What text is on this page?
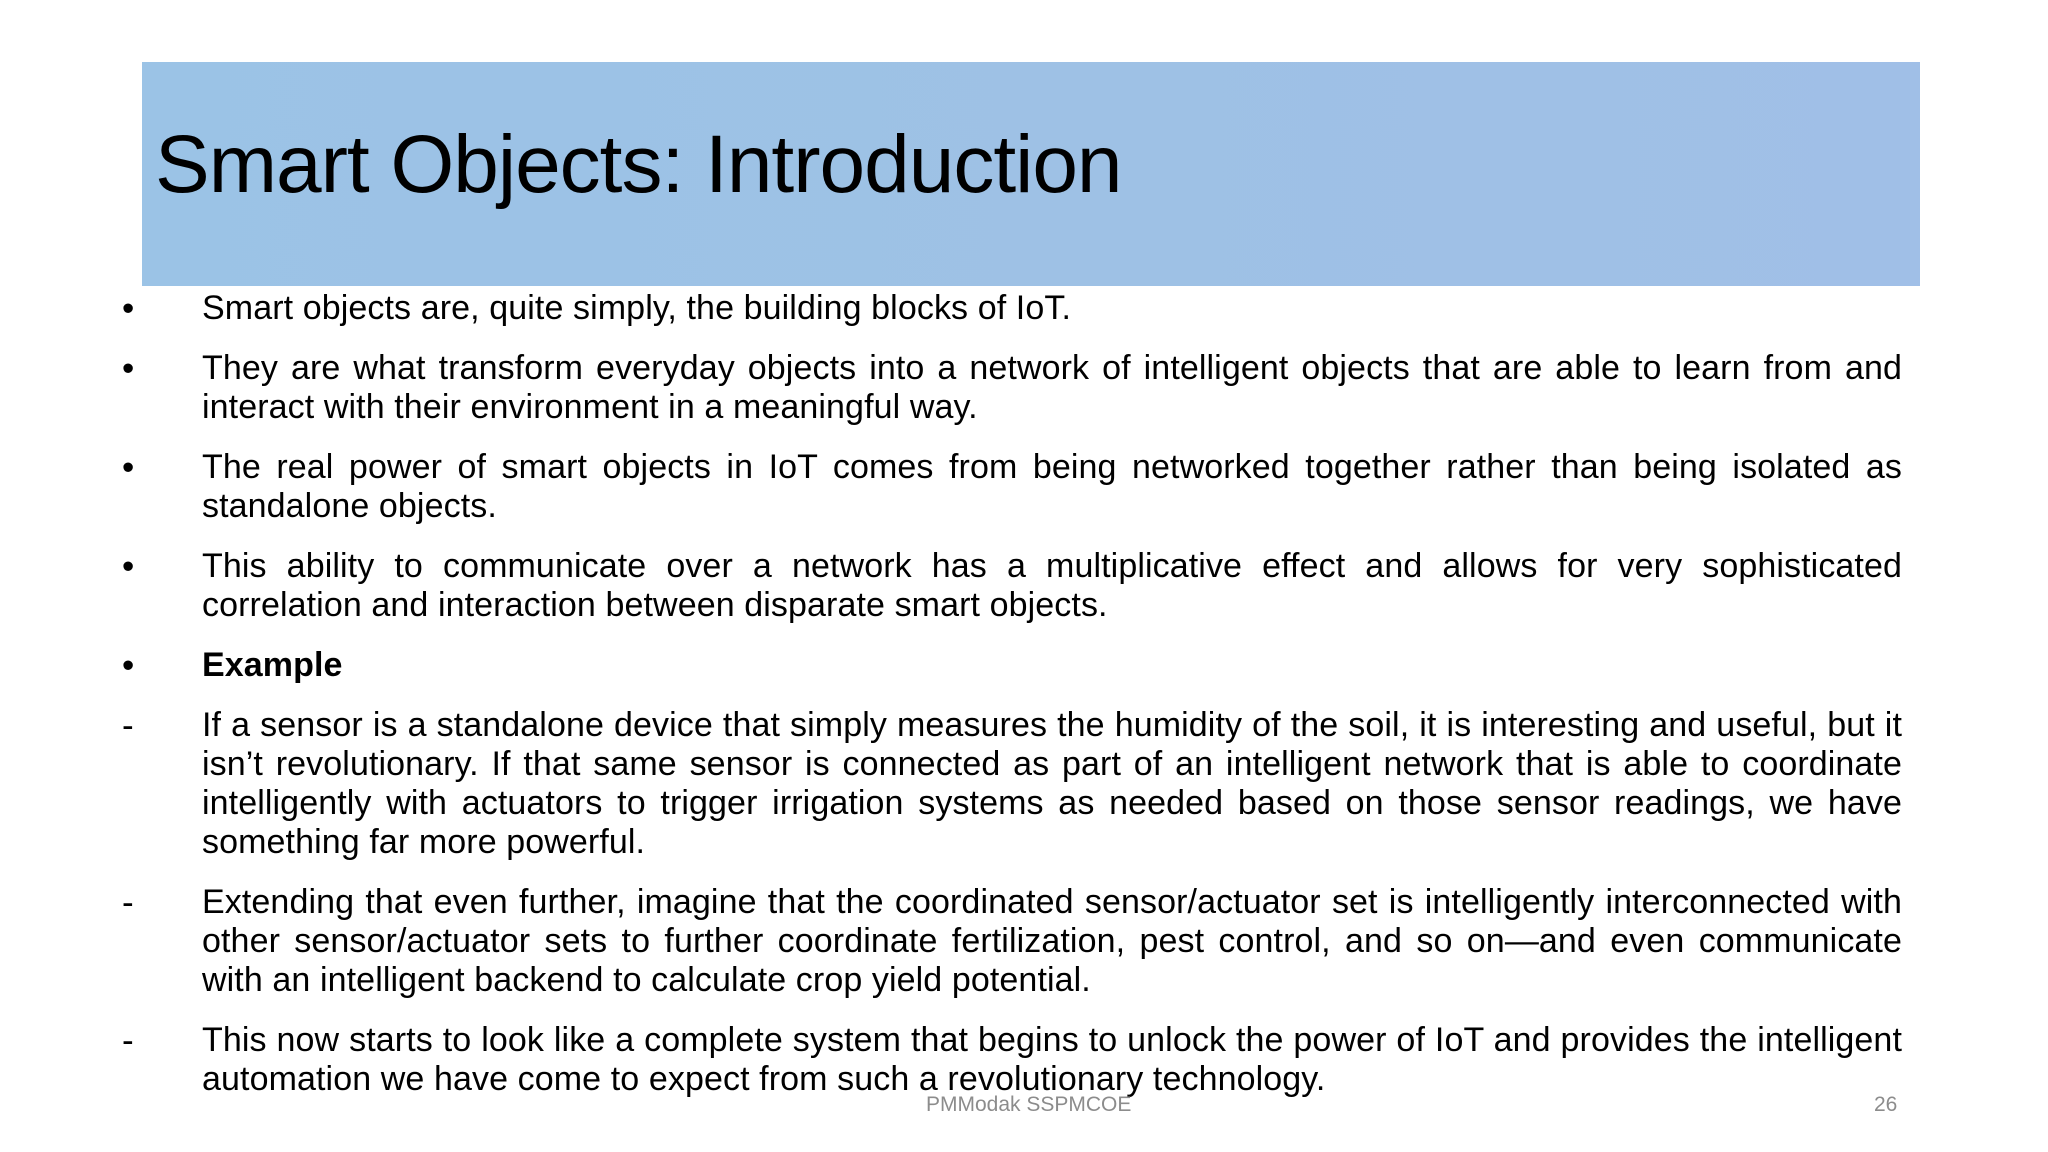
Smart Objects: Introduction
•	Smart objects are, quite simply, the building blocks of IoT.
•	They are what transform everyday objects into a network of intelligent objects that are able to learn from and interact with their environment in a meaningful way.
•	The real power of smart objects in IoT comes from being networked together rather than being isolated as standalone objects.
•	This ability to communicate over a network has a multiplicative effect and allows for very sophisticated correlation and interaction between disparate smart objects.
•	Example
-	If a sensor is a standalone device that simply measures the humidity of the soil, it is interesting and useful, but it isn’t revolutionary. If that same sensor is connected as part of an intelligent network that is able to coordinate intelligently with actuators to trigger irrigation systems as needed based on those sensor readings, we have something far more powerful.
-	Extending that even further, imagine that the coordinated sensor/actuator set is intelligently interconnected with other sensor/actuator sets to further coordinate fertilization, pest control, and so on—and even communicate with an intelligent backend to calculate crop yield potential.
-	This now starts to look like a complete system that begins to unlock the power of IoT and provides the intelligent automation we have come to expect from such a revolutionary technology.
PMModak SSPMCOE	26
